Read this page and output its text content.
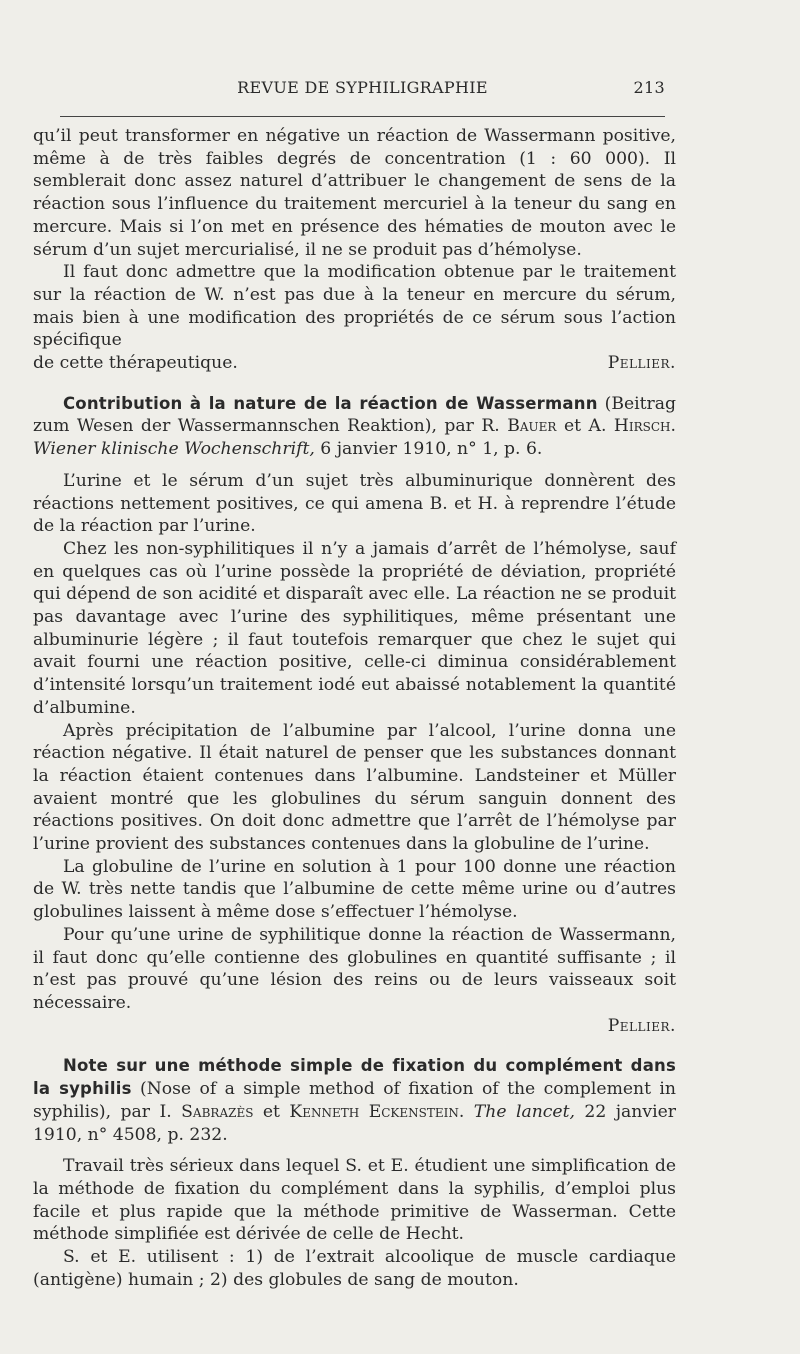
REVUE DE SYPHILIGRAPHIE	213

qu’il peut transformer en négative un réaction de Wassermann positive, même à de très faibles degrés de concentration (1 : 60 000). Il semblerait donc assez naturel d’attribuer le changement de sens de la réaction sous l’influence du traitement mercuriel à la teneur du sang en mercure. Mais si l’on met en présence des hématies de mouton avec le sérum d’un sujet mercurialisé, il ne se produit pas d’hémolyse.

Il faut donc admettre que la modification obtenue par le traitement sur la réaction de W. n’est pas due à la teneur en mercure du sérum, mais bien à une modification des propriétés de ce sérum sous l’action spécifique

de cette thérapeutique.	Pellier.

Contribution à la nature de la réaction de Wassermann (Beitrag zum Wesen der Wassermannschen Reaktion), par R. Bauer et A. Hirsch. Wiener klinische Wochenschrift, 6 janvier 1910, n° 1, p. 6.

L’urine et le sérum d’un sujet très albuminurique donnèrent des réactions nettement positives, ce qui amena B. et H. à reprendre l’étude de la réaction par l’urine.

Chez les non-syphilitiques il n’y a jamais d’arrêt de l’hémolyse, sauf en quelques cas où l’urine possède la propriété de déviation, propriété qui dépend de son acidité et disparaît avec elle. La réaction ne se produit pas davantage avec l’urine des syphilitiques, même présentant une albuminurie légère ; il faut toutefois remarquer que chez le sujet qui avait fourni une réaction positive, celle-ci diminua considérablement d’intensité lorsqu’un traitement iodé eut abaissé notablement la quantité d’albumine.

Après précipitation de l’albumine par l’alcool, l’urine donna une réaction négative. Il était naturel de penser que les substances donnant la réaction étaient contenues dans l’albumine. Landsteiner et Müller avaient montré que les globulines du sérum sanguin donnent des réactions positives. On doit donc admettre que l’arrêt de l’hémolyse par l’urine provient des substances contenues dans la globuline de l’urine.

La globuline de l’urine en solution à 1 pour 100 donne une réaction de W. très nette tandis que l’albumine de cette même urine ou d’autres globulines laissent à même dose s’effectuer l’hémolyse.

Pour qu’une urine de syphilitique donne la réaction de Wassermann, il faut donc qu’elle contienne des globulines en quantité suffisante ; il n’est pas prouvé qu’une lésion des reins ou de leurs vaisseaux soit nécessaire.

Pellier.

Note sur une méthode simple de fixation du complément dans la syphilis (Nose of a simple method of fixation of the complement in syphilis), par I. Sabrazès et Kenneth Eckenstein. The lancet, 22 janvier 1910, n° 4508, p. 232.

Travail très sérieux dans lequel S. et E. étudient une simplification de la méthode de fixation du complément dans la syphilis, d’emploi plus facile et plus rapide que la méthode primitive de Wasserman. Cette méthode simplifiée est dérivée de celle de Hecht.

S. et E. utilisent : 1) de l’extrait alcoolique de muscle cardiaque (antigène) humain ; 2) des globules de sang de mouton.
